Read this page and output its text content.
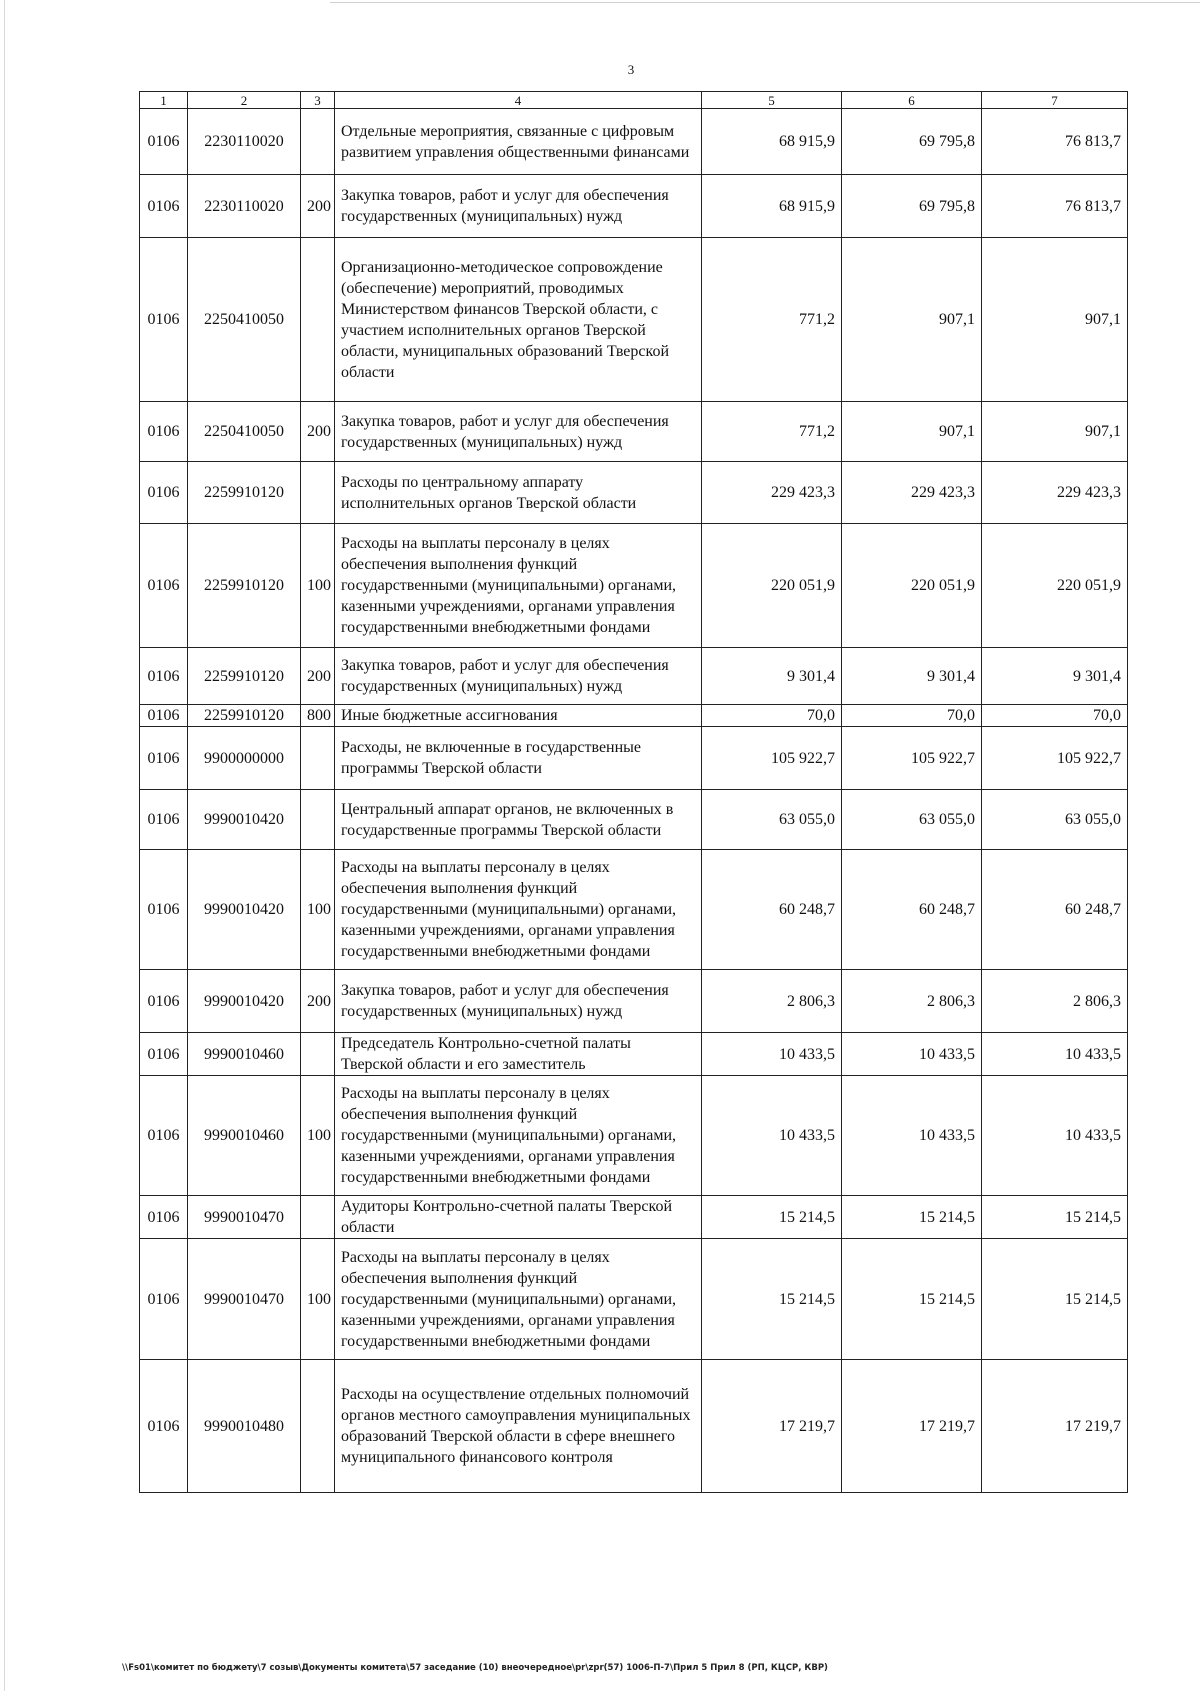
3
1	2	3	4	5	6	7
0106	2230110020		Отдельные мероприятия, связанные с цифровым развитием управления общественными финансами	68 915,9	69 795,8	76 813,7
0106	2230110020	200	Закупка товаров, работ и услуг для обеспечения государственных (муниципальных) нужд	68 915,9	69 795,8	76 813,7
0106	2250410050		Организационно-методическое сопровождение (обеспечение) мероприятий, проводимых Министерством финансов Тверской области, с участием исполнительных органов Тверской области, муниципальных образований Тверской области	771,2	907,1	907,1
0106	2250410050	200	Закупка товаров, работ и услуг для обеспечения государственных (муниципальных) нужд	771,2	907,1	907,1
0106	2259910120		Расходы по центральному аппарату исполнительных органов Тверской области	229 423,3	229 423,3	229 423,3
0106	2259910120	100	Расходы на выплаты персоналу в целях обеспечения выполнения функций государственными (муниципальными) органами, казенными учреждениями, органами управления государственными внебюджетными фондами	220 051,9	220 051,9	220 051,9
0106	2259910120	200	Закупка товаров, работ и услуг для обеспечения государственных (муниципальных) нужд	9 301,4	9 301,4	9 301,4
0106	2259910120	800	Иные бюджетные ассигнования	70,0	70,0	70,0
0106	9900000000		Расходы, не включенные в государственные программы Тверской области	105 922,7	105 922,7	105 922,7
0106	9990010420		Центральный аппарат органов, не включенных в государственные программы Тверской области	63 055,0	63 055,0	63 055,0
0106	9990010420	100	Расходы на выплаты персоналу в целях обеспечения выполнения функций государственными (муниципальными) органами, казенными учреждениями, органами управления государственными внебюджетными фондами	60 248,7	60 248,7	60 248,7
0106	9990010420	200	Закупка товаров, работ и услуг для обеспечения государственных (муниципальных) нужд	2 806,3	2 806,3	2 806,3
0106	9990010460		Председатель Контрольно-счетной палаты Тверской области и его заместитель	10 433,5	10 433,5	10 433,5
0106	9990010460	100	Расходы на выплаты персоналу в целях обеспечения выполнения функций государственными (муниципальными) органами, казенными учреждениями, органами управления государственными внебюджетными фондами	10 433,5	10 433,5	10 433,5
0106	9990010470		Аудиторы Контрольно-счетной палаты Тверской области	15 214,5	15 214,5	15 214,5
0106	9990010470	100	Расходы на выплаты персоналу в целях обеспечения выполнения функций государственными (муниципальными) органами, казенными учреждениями, органами управления государственными внебюджетными фондами	15 214,5	15 214,5	15 214,5
0106	9990010480		Расходы на осуществление отдельных полномочий органов местного самоуправления муниципальных образований Тверской области в сфере внешнего муниципального финансового контроля	17 219,7	17 219,7	17 219,7
\\Fs01\комитет по бюджету\7 созыв\Документы комитета\57 заседание (10) внеочередное\pr\zpr(57) 1006-П-7\Прил 5 Прил 8 (РП, КЦСР, КВР)
